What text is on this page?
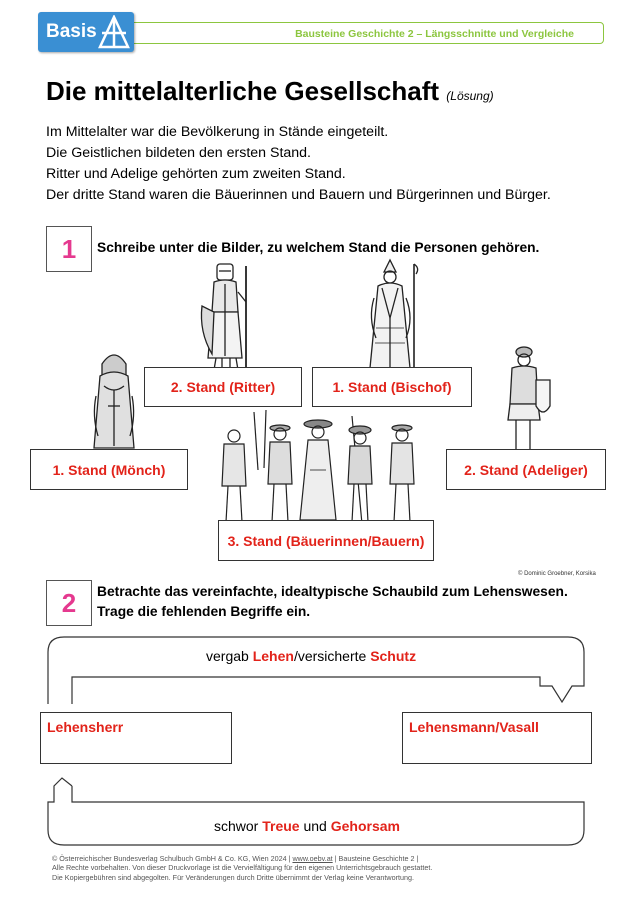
Bausteine Geschichte 2 – Längsschnitte und Vergleiche
Basis
Die mittelalterliche Gesellschaft (Lösung)

Im Mittelalter war die Bevölkerung in Stände eingeteilt.

Die Geistlichen bildeten den ersten Stand.

Ritter und Adelige gehörten zum zweiten Stand.

Der dritte Stand waren die Bäuerinnen und Bauern und Bürgerinnen und Bürger.

1	Schreibe unter die Bilder, zu welchem Stand die Personen gehören.
2. Stand (Ritter)	1. Stand (Bischof)
1. Stand (Mönch)	2. Stand (Adeliger)
3. Stand (Bäuerinnen/Bauern)
© Dominic Groebner, Korsika
2	Betrachte das vereinfachte, idealtypische Schaubild zum Lehenswesen.
Trage die fehlenden Begriffe ein.
vergab Lehen/versicherte Schutz
Lehensherr	Lehensmann/Vasall
schwor Treue und Gehorsam

© Österreichischer Bundesverlag Schulbuch GmbH & Co. KG, Wien 2024 | www.oebv.at | Bausteine Geschichte 2 |

Alle Rechte vorbehalten. Von dieser Druckvorlage ist die Vervielfältigung für den eigenen Unterrichtsgebrauch gestattet.

Die Kopiergebühren sind abgegolten. Für Veränderungen durch Dritte übernimmt der Verlag keine Verantwortung.
